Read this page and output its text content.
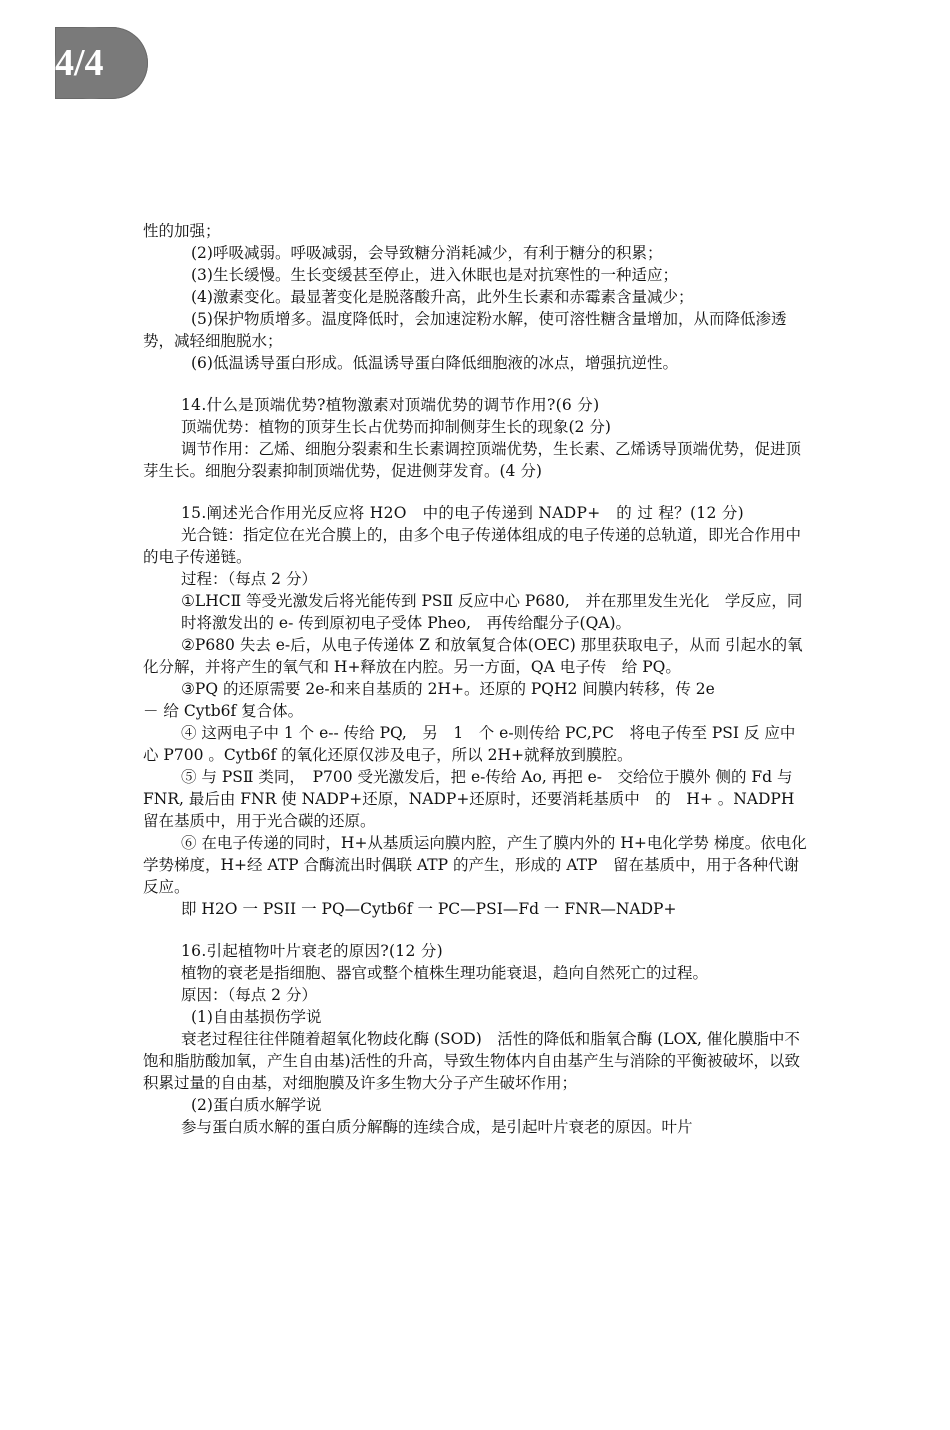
4/4

性的加强；

(2)呼吸减弱。呼吸减弱，会导致糖分消耗减少，有利于糖分的积累；

(3)生长缓慢。生长变缓甚至停止，进入休眠也是对抗寒性的一种适应；

(4)激素变化。最显著变化是脱落酸升高，此外生长素和赤霉素含量减少；

(5)保护物质增多。温度降低时，会加速淀粉水解，使可溶性糖含量增加，从而降低渗透势，减轻细胞脱水；

(6)低温诱导蛋白形成。低温诱导蛋白降低细胞液的冰点，增强抗逆性。

14.什么是顶端优势?植物激素对顶端优势的调节作用?(6 分)

顶端优势：植物的顶芽生长占优势而抑制侧芽生长的现象(2 分)

调节作用：乙烯、细胞分裂素和生长素调控顶端优势，生长素、乙烯诱导顶端优势，促进顶芽生长。细胞分裂素抑制顶端优势，促进侧芽发育。(4 分)

15.阐述光合作用光反应将 H2O　中的电子传递到 NADP+　的 过 程？(12 分)

光合链：指定位在光合膜上的，由多个电子传递体组成的电子传递的总轨道，即光合作用中的电子传递链。

过程：（每点 2 分）

①LHCⅡ 等受光激发后将光能传到 PSⅡ 反应中心 P680,　并在那里发生光化　学反应，同时将激发出的 e- 传到原初电子受体 Pheo,　再传给醌分子(QA)。

②P680 失去 e-后，从电子传递体 Z 和放氧复合体(OEC) 那里获取电子，从而 引起水的氧化分解，并将产生的氧气和 H+释放在内腔。另一方面，QA 电子传　给 PQ。

③PQ 的还原需要 2e-和来自基质的 2H+。还原的 PQH2 间膜内转移，传 2e

－ 给 Cytb6f 复合体。

④ 这两电子中 1 个 e-- 传给 PQ,　另　1　个 e-则传给 PC,PC　将电子传至 PSI 反 应中心 P700 。Cytb6f 的氧化还原仅涉及电子，所以 2H+就释放到膜腔。

⑤ 与 PSⅡ 类同，　P700 受光激发后，把 e-传给 Ao, 再把 e-　交给位于膜外 侧的 Fd 与 FNR, 最后由 FNR 使 NADP+还原，NADP+还原时，还要消耗基质中　的　H+ 。NADPH 留在基质中，用于光合碳的还原。

⑥ 在电子传递的同时，H+从基质运向膜内腔，产生了膜内外的 H+电化学势 梯度。依电化学势梯度，H+经 ATP 合酶流出时偶联 ATP 的产生，形成的 ATP　留在基质中，用于各种代谢反应。

即 H2O 一 PSII 一 PQ—Cytb6f 一 PC—PSI—Fd 一 FNR—NADP+

16.引起植物叶片衰老的原因?(12 分)

植物的衰老是指细胞、器官或整个植株生理功能衰退，趋向自然死亡的过程。

原因：（每点 2 分）

(1)自由基损伤学说

衰老过程往往伴随着超氧化物歧化酶 (SOD)　活性的降低和脂氧合酶 (LOX, 催化膜脂中不饱和脂肪酸加氧，产生自由基)活性的升高，导致生物体内自由基产生与消除的平衡被破坏，以致积累过量的自由基，对细胞膜及许多生物大分子产生破坏作用；

(2)蛋白质水解学说

参与蛋白质水解的蛋白质分解酶的连续合成，是引起叶片衰老的原因。叶片
